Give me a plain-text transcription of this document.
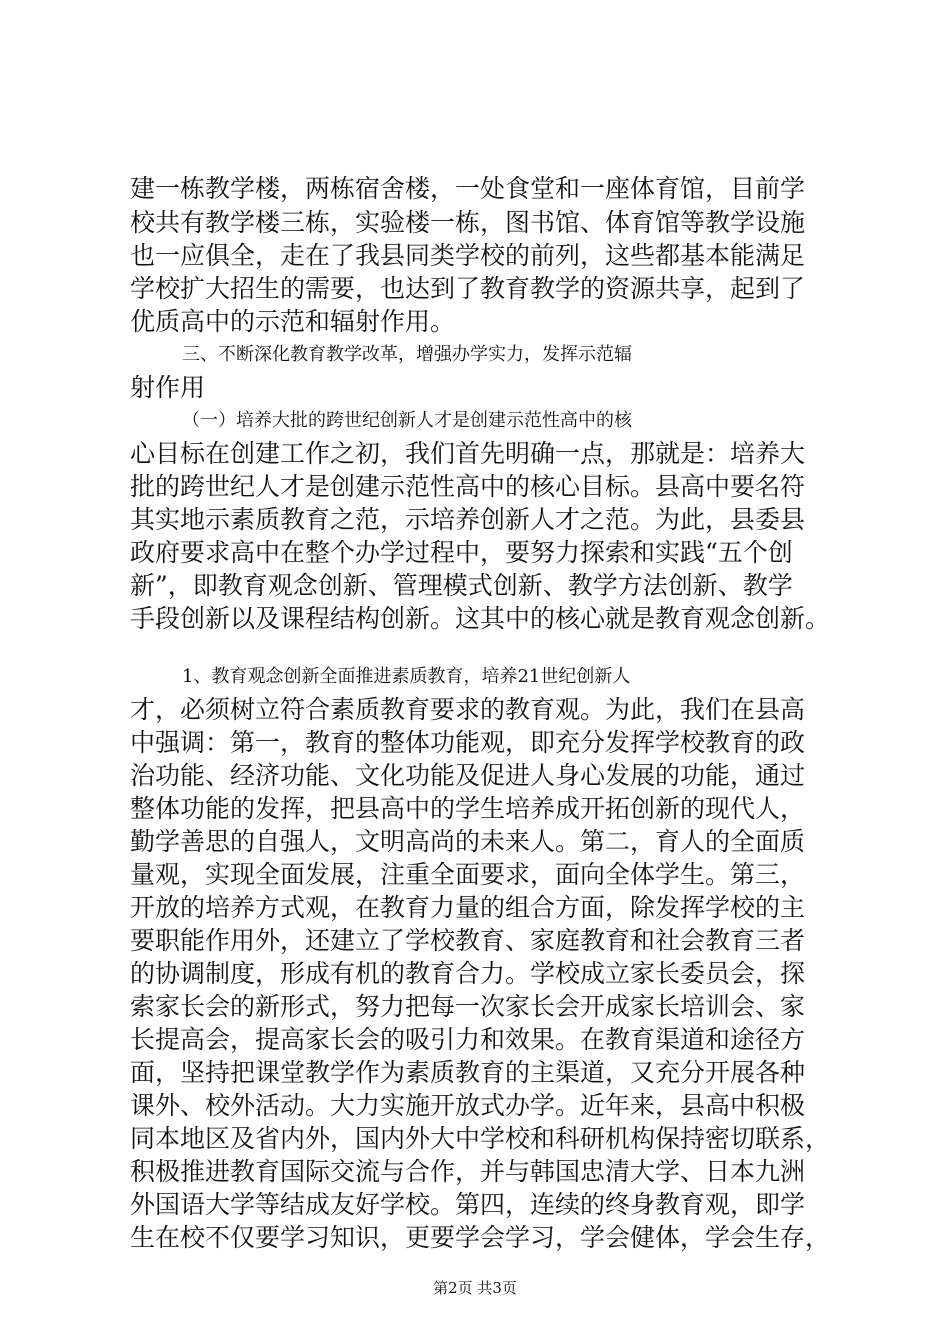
建一栋教学楼，两栋宿舍楼，一处食堂和一座体育馆，目前学
校共有教学楼三栋，实验楼一栋，图书馆、体育馆等教学设施
也一应俱全，走在了我县同类学校的前列，这些都基本能满足
学校扩大招生的需要，也达到了教育教学的资源共享，起到了
优质高中的示范和辐射作用。
三、不断深化教育教学改革，增强办学实力，发挥示范辐
射作用
（一）培养大批的跨世纪创新人才是创建示范性高中的核
心目标在创建工作之初，我们首先明确一点，那就是：培养大
批的跨世纪人才是创建示范性高中的核心目标。县高中要名符
其实地示素质教育之范，示培养创新人才之范。为此，县委县
政府要求高中在整个办学过程中，要努力探索和实践“五个创
新”，即教育观念创新、管理模式创新、教学方法创新、教学
手段创新以及课程结构创新。这其中的核心就是教育观念创新。
1、教育观念创新全面推进素质教育，培养21世纪创新人
才，必须树立符合素质教育要求的教育观。为此，我们在县高
中强调：第一，教育的整体功能观，即充分发挥学校教育的政
治功能、经济功能、文化功能及促进人身心发展的功能，通过
整体功能的发挥，把县高中的学生培养成开拓创新的现代人，
勤学善思的自强人，文明高尚的未来人。第二，育人的全面质
量观，实现全面发展，注重全面要求，面向全体学生。第三，
开放的培养方式观，在教育力量的组合方面，除发挥学校的主
要职能作用外，还建立了学校教育、家庭教育和社会教育三者
的协调制度，形成有机的教育合力。学校成立家长委员会，探
索家长会的新形式，努力把每一次家长会开成家长培训会、家
长提高会，提高家长会的吸引力和效果。在教育渠道和途径方
面，坚持把课堂教学作为素质教育的主渠道，又充分开展各种
课外、校外活动。大力实施开放式办学。近年来，县高中积极
同本地区及省内外，国内外大中学校和科研机构保持密切联系，
积极推进教育国际交流与合作，并与韩国忠清大学、日本九洲
外国语大学等结成友好学校。第四，连续的终身教育观，即学
生在校不仅要学习知识，更要学会学习，学会健体，学会生存，
第2页 共3页
